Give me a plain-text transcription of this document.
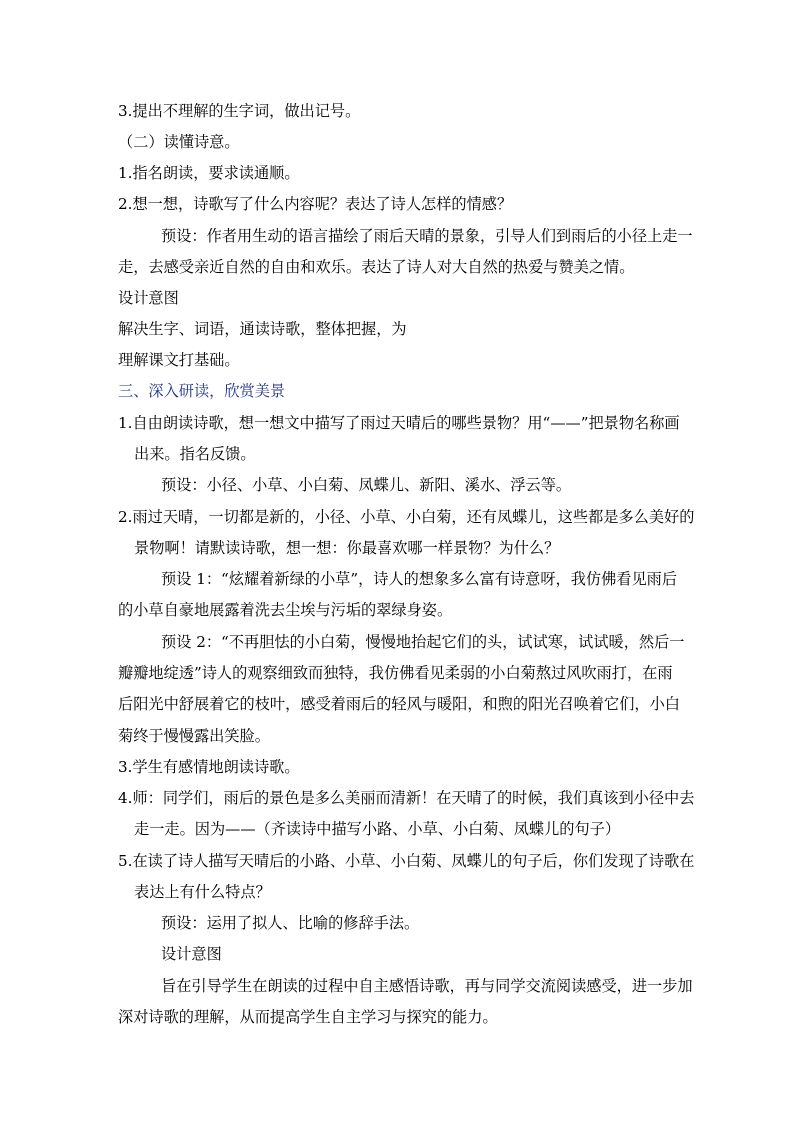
3.提出不理解的生字词，做出记号。
（二）读懂诗意。
1.指名朗读，要求读通顺。
2.想一想，诗歌写了什么内容呢？表达了诗人怎样的情感？
预设：作者用生动的语言描绘了雨后天晴的景象，引导人们到雨后的小径上走一
走，去感受亲近自然的自由和欢乐。表达了诗人对大自然的热爱与赞美之情。
设计意图
解决生字、词语，通读诗歌，整体把握，为
理解课文打基础。
三、深入研读，欣赏美景
1.自由朗读诗歌，想一想文中描写了雨过天晴后的哪些景物？用“——”把景物名称画
出来。指名反馈。
预设：小径、小草、小白菊、凤蝶儿、新阳、溪水、浮云等。
2.雨过天晴，一切都是新的，小径、小草、小白菊，还有凤蝶儿，这些都是多么美好的
景物啊！请默读诗歌，想一想：你最喜欢哪一样景物？为什么？
预设 1：“炫耀着新绿的小草”，诗人的想象多么富有诗意呀，我仿佛看见雨后
的小草自豪地展露着洗去尘埃与污垢的翠绿身姿。
预设 2：“不再胆怯的小白菊，慢慢地抬起它们的头，试试寒，试试暖，然后一
瓣瓣地绽透”诗人的观察细致而独特，我仿佛看见柔弱的小白菊熬过风吹雨打，在雨
后阳光中舒展着它的枝叶，感受着雨后的轻风与暖阳，和煦的阳光召唤着它们，小白
菊终于慢慢露出笑脸。
3.学生有感情地朗读诗歌。
4.师：同学们，雨后的景色是多么美丽而清新！在天晴了的时候，我们真该到小径中去
走一走。因为——（齐读诗中描写小路、小草、小白菊、凤蝶儿的句子）
5.在读了诗人描写天晴后的小路、小草、小白菊、凤蝶儿的句子后，你们发现了诗歌在
表达上有什么特点？
预设：运用了拟人、比喻的修辞手法。
设计意图
旨在引导学生在朗读的过程中自主感悟诗歌，再与同学交流阅读感受，进一步加
深对诗歌的理解，从而提高学生自主学习与探究的能力。
